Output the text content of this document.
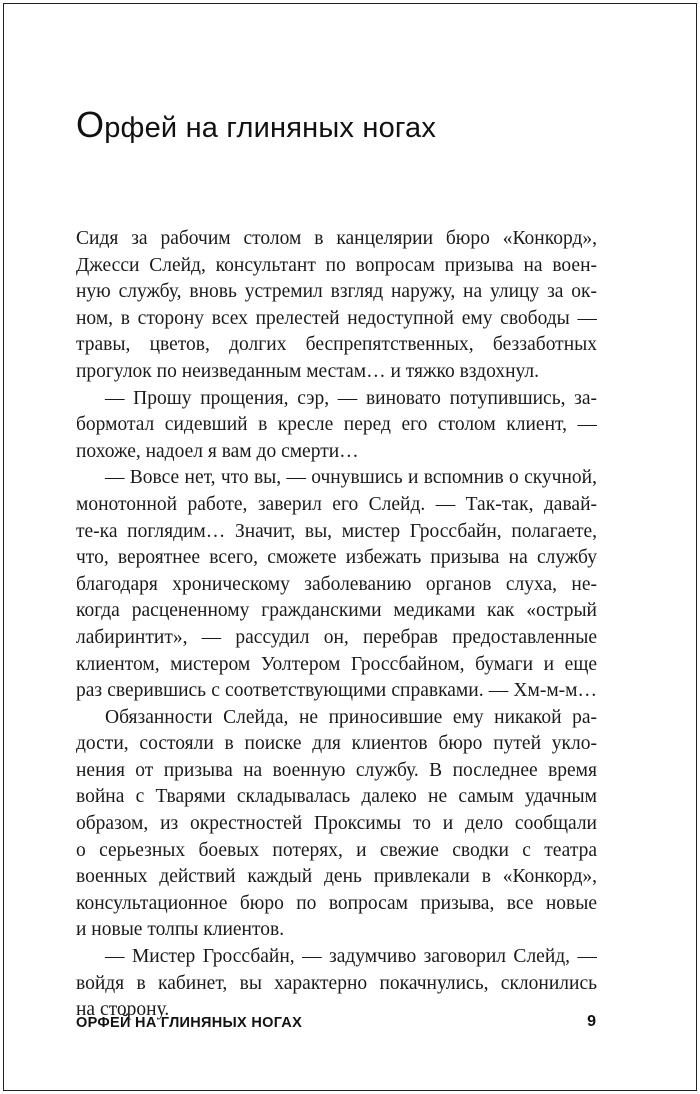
Орфей на глиняных ногах
Сидя за рабочим столом в канцелярии бюро «Конкорд»,
Джесси Слейд, консультант по вопросам призыва на воен-
ную службу, вновь устремил взгляд наружу, на улицу за ок-
ном, в сторону всех прелестей недоступной ему свободы —
травы, цветов, долгих беспрепятственных, беззаботных
прогулок по неизведанным местам… и тяжко вздохнул.
— Прошу прощения, сэр, — виновато потупившись, за-
бормотал сидевший в кресле перед его столом клиент, —
похоже, надоел я вам до смерти…
— Вовсе нет, что вы, — очнувшись и вспомнив о скучной,
монотонной работе, заверил его Слейд. — Так-так, давай-
те-ка поглядим… Значит, вы, мистер Гроссбайн, полагаете,
что, вероятнее всего, сможете избежать призыва на службу
благодаря хроническому заболеванию органов слуха, не-
когда расцененному гражданскими медиками как «острый
лабиринтит», — рассудил он, перебрав предоставленные
клиентом, мистером Уолтером Гроссбайном, бумаги и еще
раз сверившись с соответствующими справками. — Хм-м-м…
Обязанности Слейда, не приносившие ему никакой ра-
дости, состояли в поиске для клиентов бюро путей укло-
нения от призыва на военную службу. В последнее время
война с Тварями складывалась далеко не самым удачным
образом, из окрестностей Проксимы то и дело сообщали
о серьезных боевых потерях, и свежие сводки с театра
военных действий каждый день привлекали в «Конкорд»,
консультационное бюро по вопросам призыва, все новые
и новые толпы клиентов.
— Мистер Гроссбайн, — задумчиво заговорил Слейд, —
войдя в кабинет, вы характерно покачнулись, склонились
на сторону.
ОРФЕЙ НА ГЛИНЯНЫХ НОГАХ	9
